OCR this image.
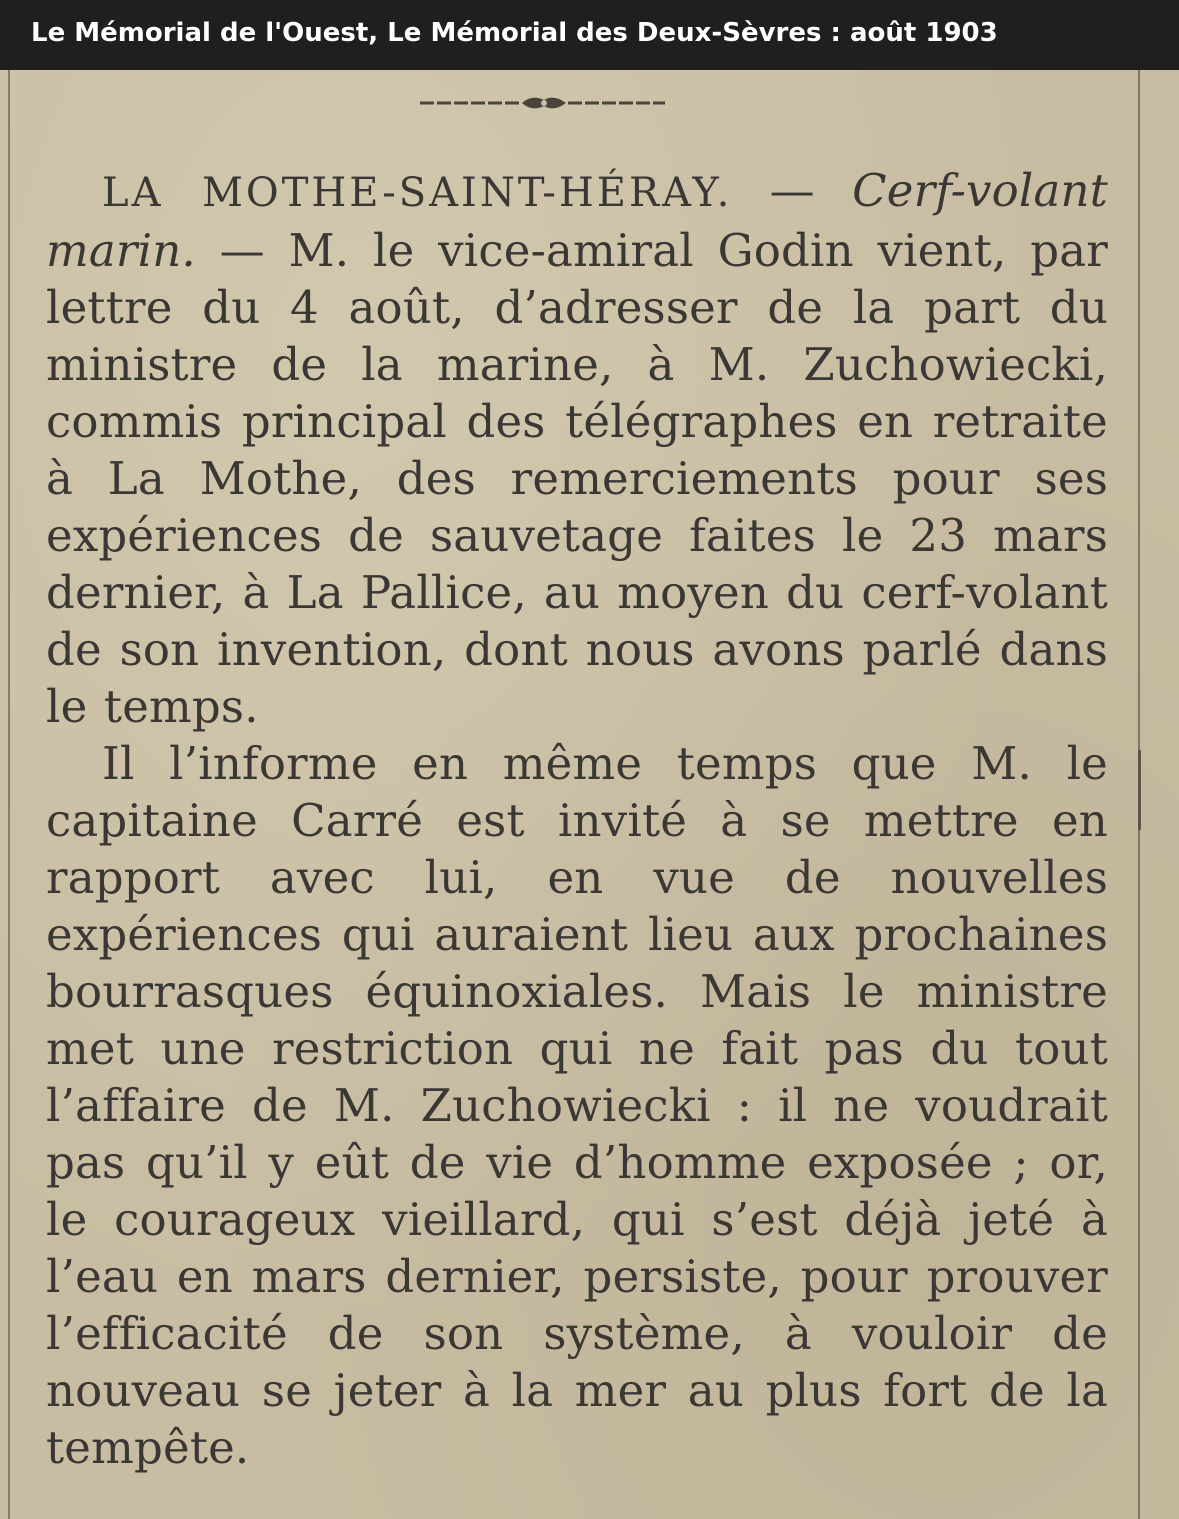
Le Mémorial de l'Ouest, Le Mémorial des Deux-Sèvres : août 1903

LA MOTHE-SAINT-HÉRAY. — Cerf-volant marin. — M. le vice-amiral Godin vient, par lettre du 4 août, d’adresser de la part du ministre de la marine, à M. Zuchowiecki, commis principal des télégraphes en retraite à La Mothe, des remerciements pour ses expériences de sauvetage faites le 23 mars dernier, à La Pallice, au moyen du cerf-volant de son invention, dont nous avons parlé dans le temps.

Il l’informe en même temps que M. le capitaine Carré est invité à se mettre en rapport avec lui, en vue de nouvelles expériences qui auraient lieu aux prochaines bourrasques équinoxiales. Mais le ministre met une restriction qui ne fait pas du tout l’affaire de M. Zuchowiecki : il ne voudrait pas qu’il y eût de vie d’homme exposée ; or, le courageux vieillard, qui s’est déjà jeté à l’eau en mars dernier, persiste, pour prouver l’efficacité de son système, à vouloir de nouveau se jeter à la mer au plus fort de la tempête.
